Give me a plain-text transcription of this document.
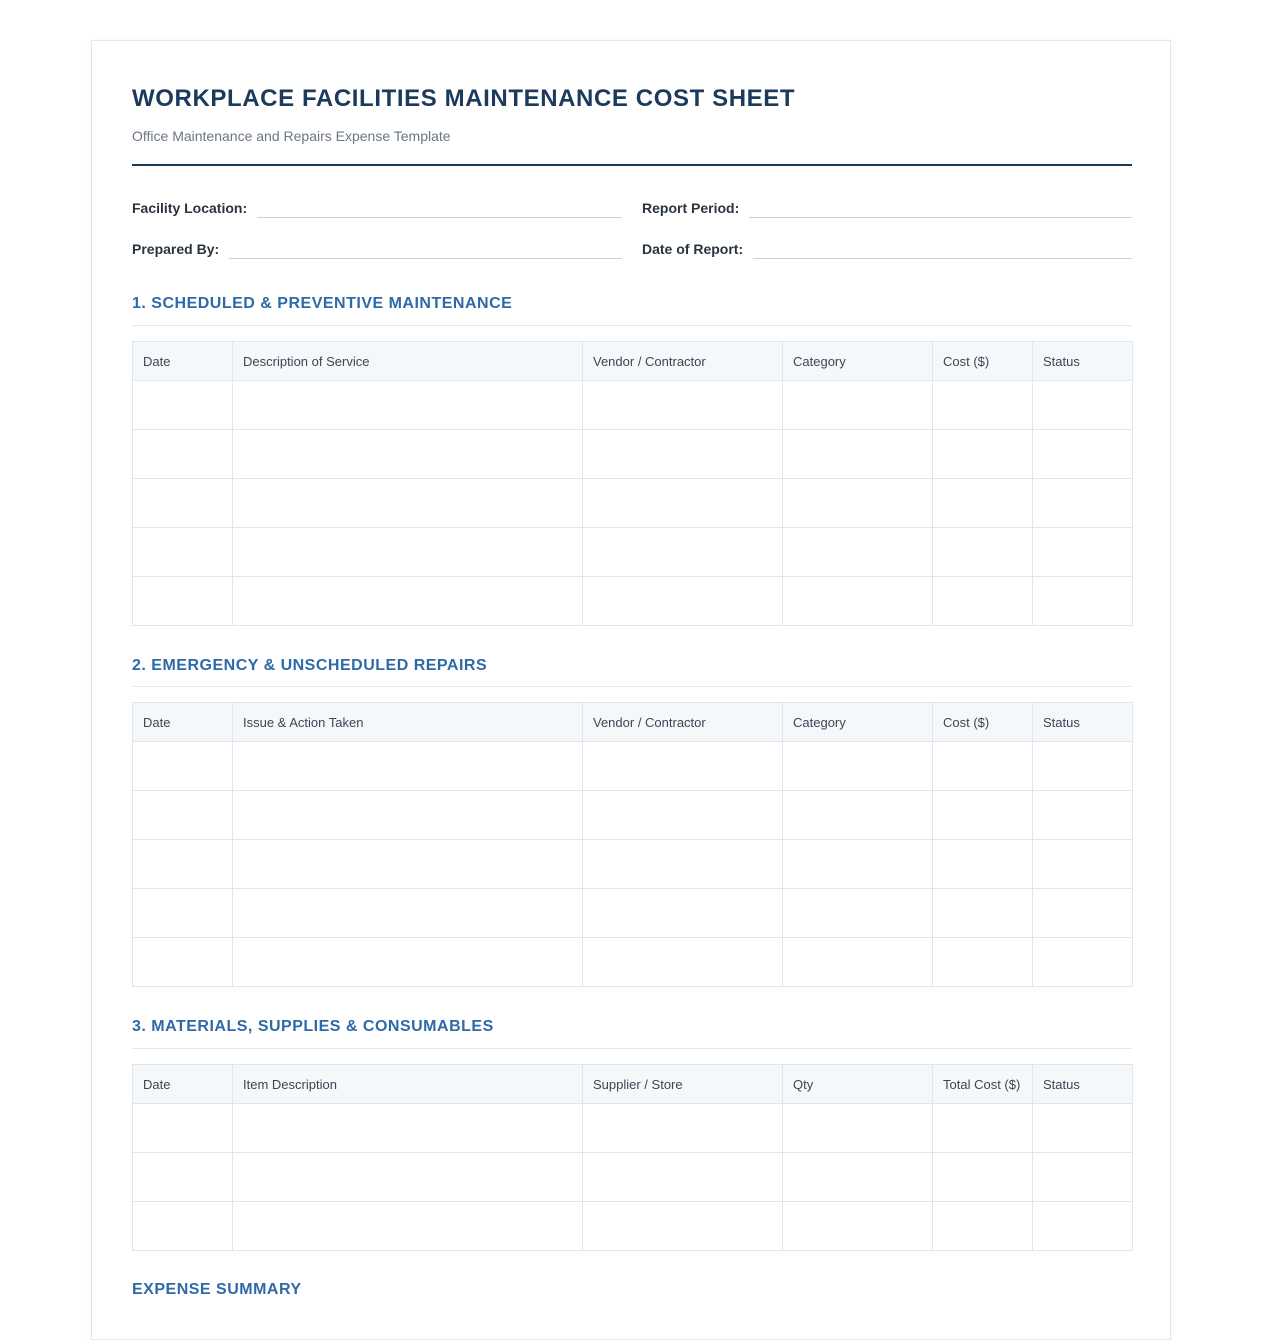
WORKPLACE FACILITIES MAINTENANCE COST SHEET
Office Maintenance and Repairs Expense Template
Facility Location:	Report Period:
Prepared By:	Date of Report:
1. SCHEDULED & PREVENTIVE MAINTENANCE
Date	Description of Service	Vendor / Contractor	Category	Cost ($)	Status

2. EMERGENCY & UNSCHEDULED REPAIRS
Date	Issue & Action Taken	Vendor / Contractor	Category	Cost ($)	Status

3. MATERIALS, SUPPLIES & CONSUMABLES
Date	Item Description	Supplier / Store	Qty	Total Cost ($)	Status

EXPENSE SUMMARY
